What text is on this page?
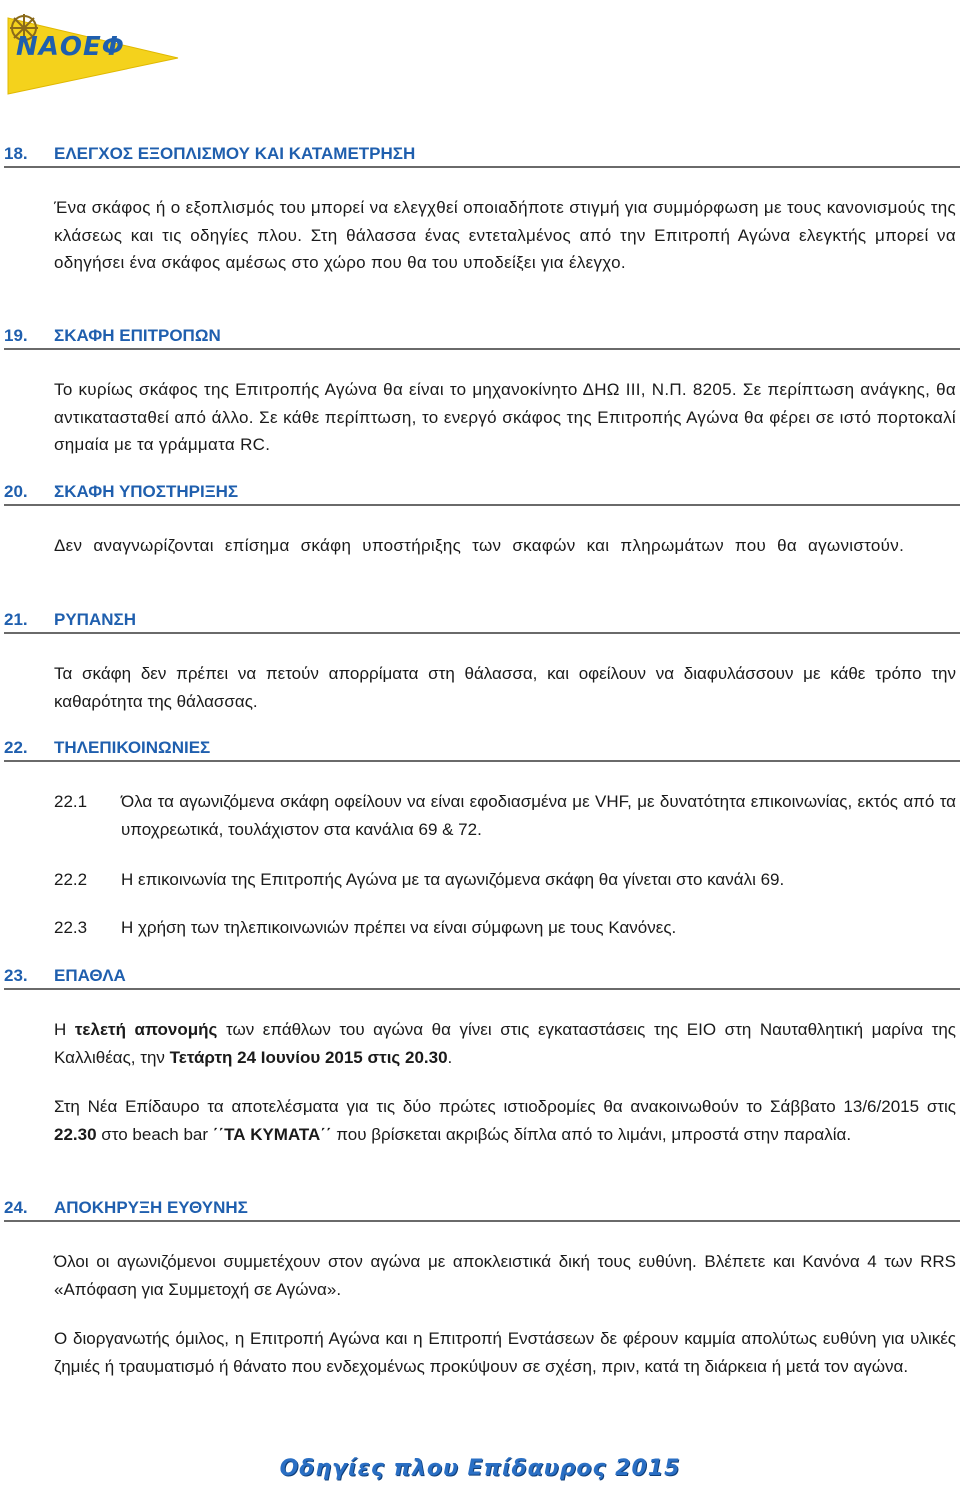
ΝΑΟΕΦ
18. ΕΛΕΓΧΟΣ ΕΞΟΠΛΙΣΜΟΥ ΚΑΙ ΚΑΤΑΜΕΤΡΗΣΗ
Ένα σκάφος ή ο εξοπλισμός του μπορεί να ελεγχθεί οποιαδήποτε στιγμή για συμμόρφωση με τους κανονισμούς της κλάσεως και τις οδηγίες πλου. Στη θάλασσα ένας εντεταλμένος από την Επιτροπή Αγώνα ελεγκτής μπορεί να οδηγήσει ένα σκάφος αμέσως στο χώρο που θα του υποδείξει για έλεγχο.
19. ΣΚΑΦΗ ΕΠΙΤΡΟΠΩΝ
Το κυρίως σκάφος της Επιτροπής Αγώνα θα είναι το μηχανοκίνητο ΔΗΩ ΙΙΙ, Ν.Π. 8205. Σε περίπτωση ανάγκης, θα αντικατασταθεί από άλλο. Σε κάθε περίπτωση, το ενεργό σκάφος της Επιτροπής Αγώνα θα φέρει σε ιστό πορτοκαλί σημαία με τα γράμματα RC.
20. ΣΚΑΦΗ ΥΠΟΣΤΗΡΙΞΗΣ
Δεν αναγνωρίζονται επίσημα σκάφη υποστήριξης των σκαφών και πληρωμάτων που θα αγωνιστούν.
21. ΡΥΠΑΝΣΗ
Τα σκάφη δεν πρέπει να πετούν απορρίματα στη θάλασσα, και οφείλουν να διαφυλάσσουν με κάθε τρόπο την καθαρότητα της θάλασσας.
22. ΤΗΛΕΠΙΚΟΙΝΩΝΙΕΣ
22.1 Όλα τα αγωνιζόμενα σκάφη οφείλουν να είναι εφοδιασμένα με VHF, με δυνατότητα επικοινωνίας, εκτός από τα υποχρεωτικά, τουλάχιστον στα κανάλια 69 & 72.
22.2 Η επικοινωνία της Επιτροπής Αγώνα με τα αγωνιζόμενα σκάφη θα γίνεται στο κανάλι 69.
22.3 Η χρήση των τηλεπικοινωνιών πρέπει να είναι σύμφωνη με τους Κανόνες.
23. ΕΠΑΘΛΑ
Η τελετή απονομής των επάθλων του αγώνα θα γίνει στις εγκαταστάσεις της ΕΙΟ στη Ναυταθλητική μαρίνα της Καλλιθέας, την Τετάρτη 24 Ιουνίου 2015 στις 20.30.
Στη Νέα Επίδαυρο τα αποτελέσματα για τις δύο πρώτες ιστιοδρομίες θα ανακοινωθούν το Σάββατο 13/6/2015 στις 22.30 στο beach bar ΄΄ΤΑ ΚΥΜΑΤΑ΄΄ που βρίσκεται ακριβώς δίπλα από το λιμάνι, μπροστά στην παραλία.
24. ΑΠΟΚΗΡΥΞΗ ΕΥΘΥΝΗΣ
Όλοι οι αγωνιζόμενοι συμμετέχουν στον αγώνα με αποκλειστικά δική τους ευθύνη. Βλέπετε και Κανόνα 4 των RRS «Απόφαση για Συμμετοχή σε Αγώνα».
Ο διοργανωτής όμιλος, η Επιτροπή Αγώνα και η Επιτροπή Ενστάσεων δε φέρουν καμμία απολύτως ευθύνη για υλικές ζημιές ή τραυματισμό ή θάνατο που ενδεχομένως προκύψουν σε σχέση, πριν, κατά τη διάρκεια ή μετά τον αγώνα.
Οδηγίες πλου Επίδαυρος 2015
